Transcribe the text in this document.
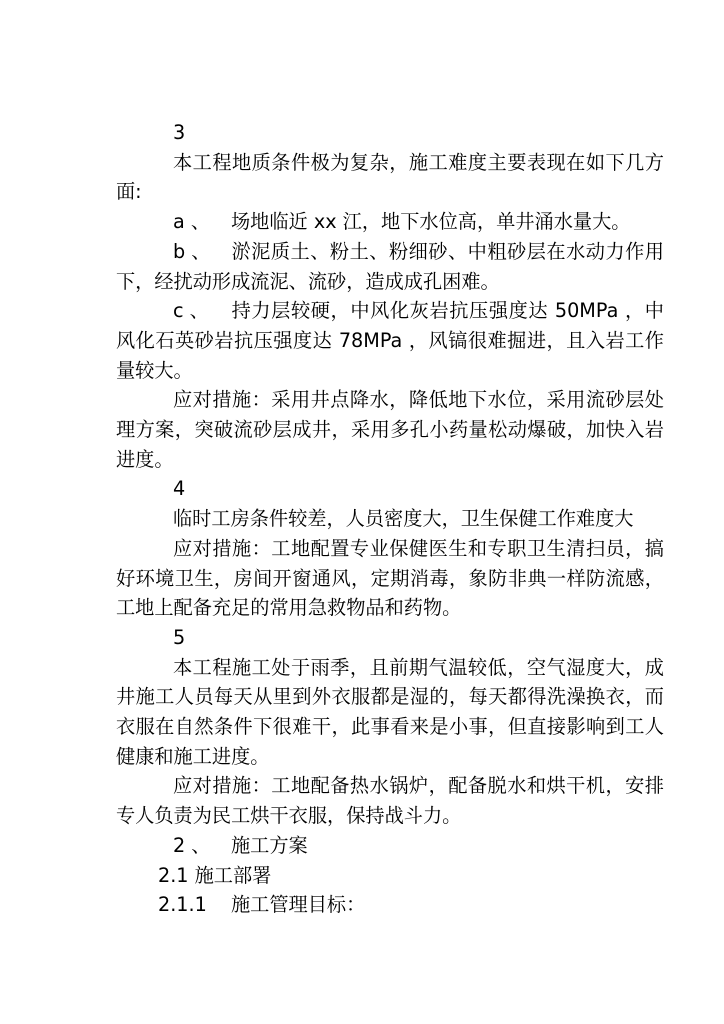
3

本工程地质条件极为复杂，施工难度主要表现在如下几方面:

a 、 场地临近 xx 江，地下水位高，单井涌水量大。

b 、 淤泥质土、粉土、粉细砂、中粗砂层在水动力作用下，经扰动形成流泥、流砂，造成成孔困难。

c 、 持力层较硬，中风化灰岩抗压强度达 50MPa ，中风化石英砂岩抗压强度达 78MPa ，风镐很难掘进，且入岩工作量较大。

应对措施：采用井点降水，降低地下水位，采用流砂层处理方案，突破流砂层成井，采用多孔小药量松动爆破，加快入岩进度。

4

临时工房条件较差，人员密度大，卫生保健工作难度大

应对措施：工地配置专业保健医生和专职卫生清扫员，搞好环境卫生，房间开窗通风，定期消毒，象防非典一样防流感，工地上配备充足的常用急救物品和药物。

5

本工程施工处于雨季，且前期气温较低，空气湿度大，成井施工人员每天从里到外衣服都是湿的，每天都得洗澡换衣，而衣服在自然条件下很难干，此事看来是小事，但直接影响到工人健康和施工进度。

应对措施：工地配备热水锅炉，配备脱水和烘干机，安排专人负责为民工烘干衣服，保持战斗力。

2 、 施工方案

2.1 施工部署

2.1.1 施工管理目标：
